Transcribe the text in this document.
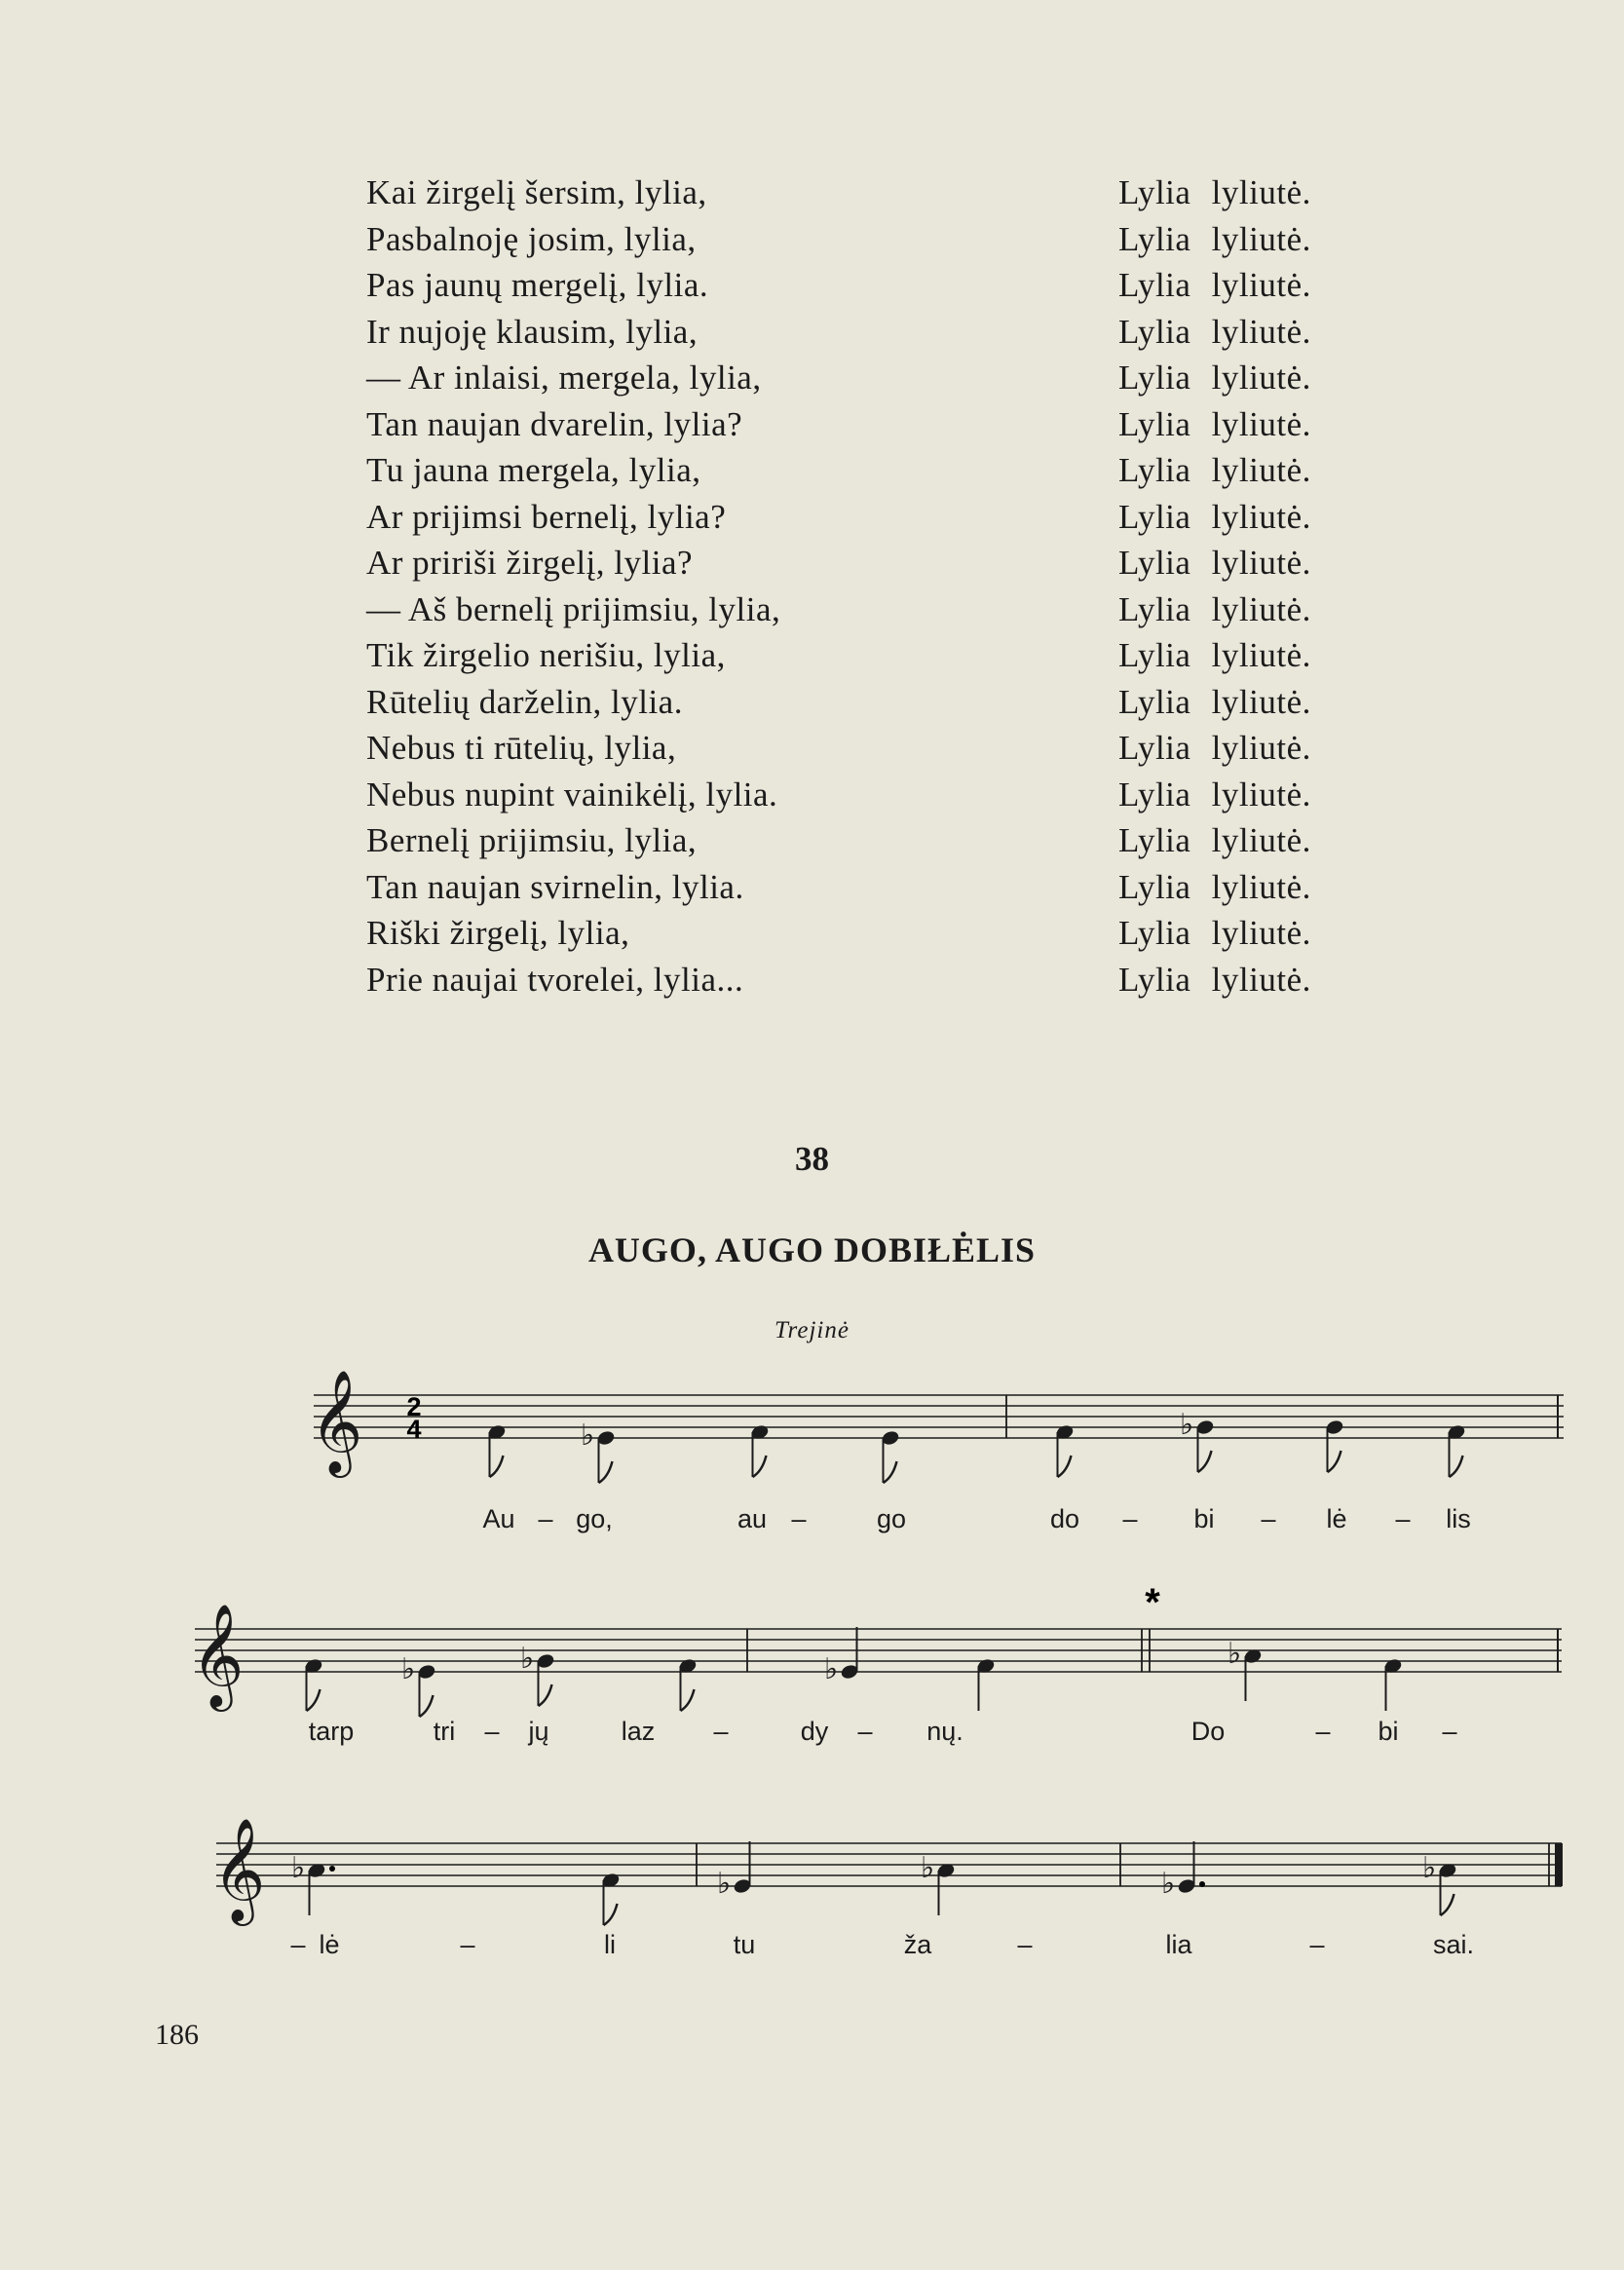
Kai žirgelį šersim, lylia,	Lylia lyliutė.
Pasbalnoję josim, lylia,	Lylia lyliutė.
Pas jaunų mergelį, lylia.	Lylia lyliutė.
Ir nujoję klausim, lylia,	Lylia lyliutė.
— Ar inlaisi, mergela, lylia,	Lylia lyliutė.
Tan naujan dvarelin, lylia?	Lylia lyliutė.
Tu jauna mergela, lylia,	Lylia lyliutė.
Ar prijimsi bernelį, lylia?	Lylia lyliutė.
Ar pririši žirgelį, lylia?	Lylia lyliutė.
— Aš bernelį prijimsiu, lylia,	Lylia lyliutė.
Tik žirgelio nerišiu, lylia,	Lylia lyliutė.
Rūtelių darželin, lylia.	Lylia lyliutė.
Nebus ti rūtelių, lylia,	Lylia lyliutė.
Nebus nupint vainikėlį, lylia.	Lylia lyliutė.
Bernelį prijimsiu, lylia,	Lylia lyliutė.
Tan naujan svirnelin, lylia.	Lylia lyliutė.
Riški žirgelį, lylia,	Lylia lyliutė.
Prie naujai tvorelei, lylia...	Lylia lyliutė.
38
AUGO, AUGO DOBIŁĖLIS
Trejinė
𝄞 2
4	♭	♭
Au – go,	au –	go	do – bi – lė – lis
𝄞	♭	♭	♭	♭
*
tarp	tri – jų	laz –	dy – nų.	Do	– bi –
𝄞 ♭	♭	♭	♭	♭
– lė	–	li	tu	ža	–	lia	–	sai.
186
